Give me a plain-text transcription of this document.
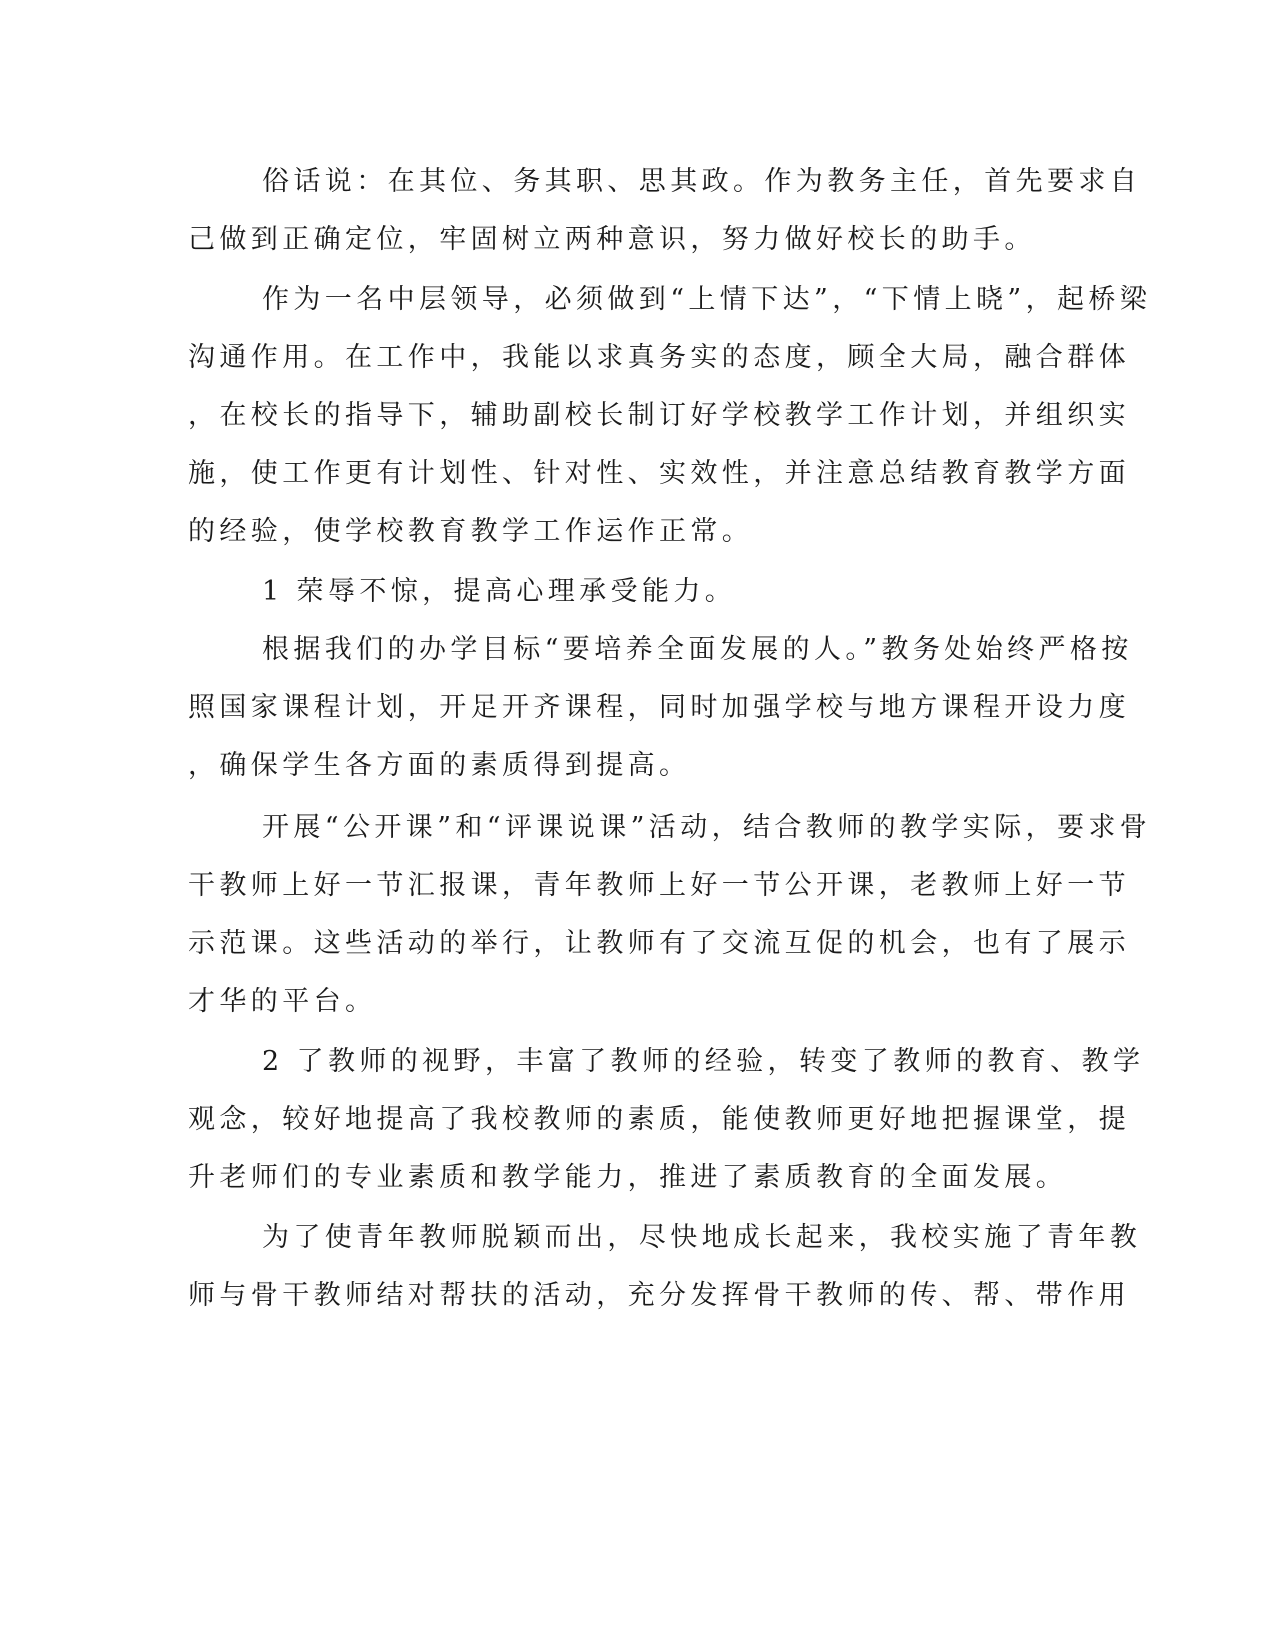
俗话说：在其位、务其职、思其政。作为教务主任，首先要求自

己做到正确定位，牢固树立两种意识，努力做好校长的助手。

作为一名中层领导，必须做到“上情下达”，“下情上晓”，起桥梁

沟通作用。在工作中，我能以求真务实的态度，顾全大局，融合群体

，在校长的指导下，辅助副校长制订好学校教学工作计划，并组织实

施，使工作更有计划性、针对性、实效性，并注意总结教育教学方面

的经验，使学校教育教学工作运作正常。

1 荣辱不惊，提高心理承受能力。

根据我们的办学目标“要培养全面发展的人。”教务处始终严格按

照国家课程计划，开足开齐课程，同时加强学校与地方课程开设力度

，确保学生各方面的素质得到提高。

开展“公开课”和“评课说课”活动，结合教师的教学实际，要求骨

干教师上好一节汇报课，青年教师上好一节公开课，老教师上好一节

示范课。这些活动的举行，让教师有了交流互促的机会，也有了展示

才华的平台。

2 了教师的视野，丰富了教师的经验，转变了教师的教育、教学

观念，较好地提高了我校教师的素质，能使教师更好地把握课堂，提

升老师们的专业素质和教学能力，推进了素质教育的全面发展。

为了使青年教师脱颖而出，尽快地成长起来，我校实施了青年教

师与骨干教师结对帮扶的活动，充分发挥骨干教师的传、帮、带作用
